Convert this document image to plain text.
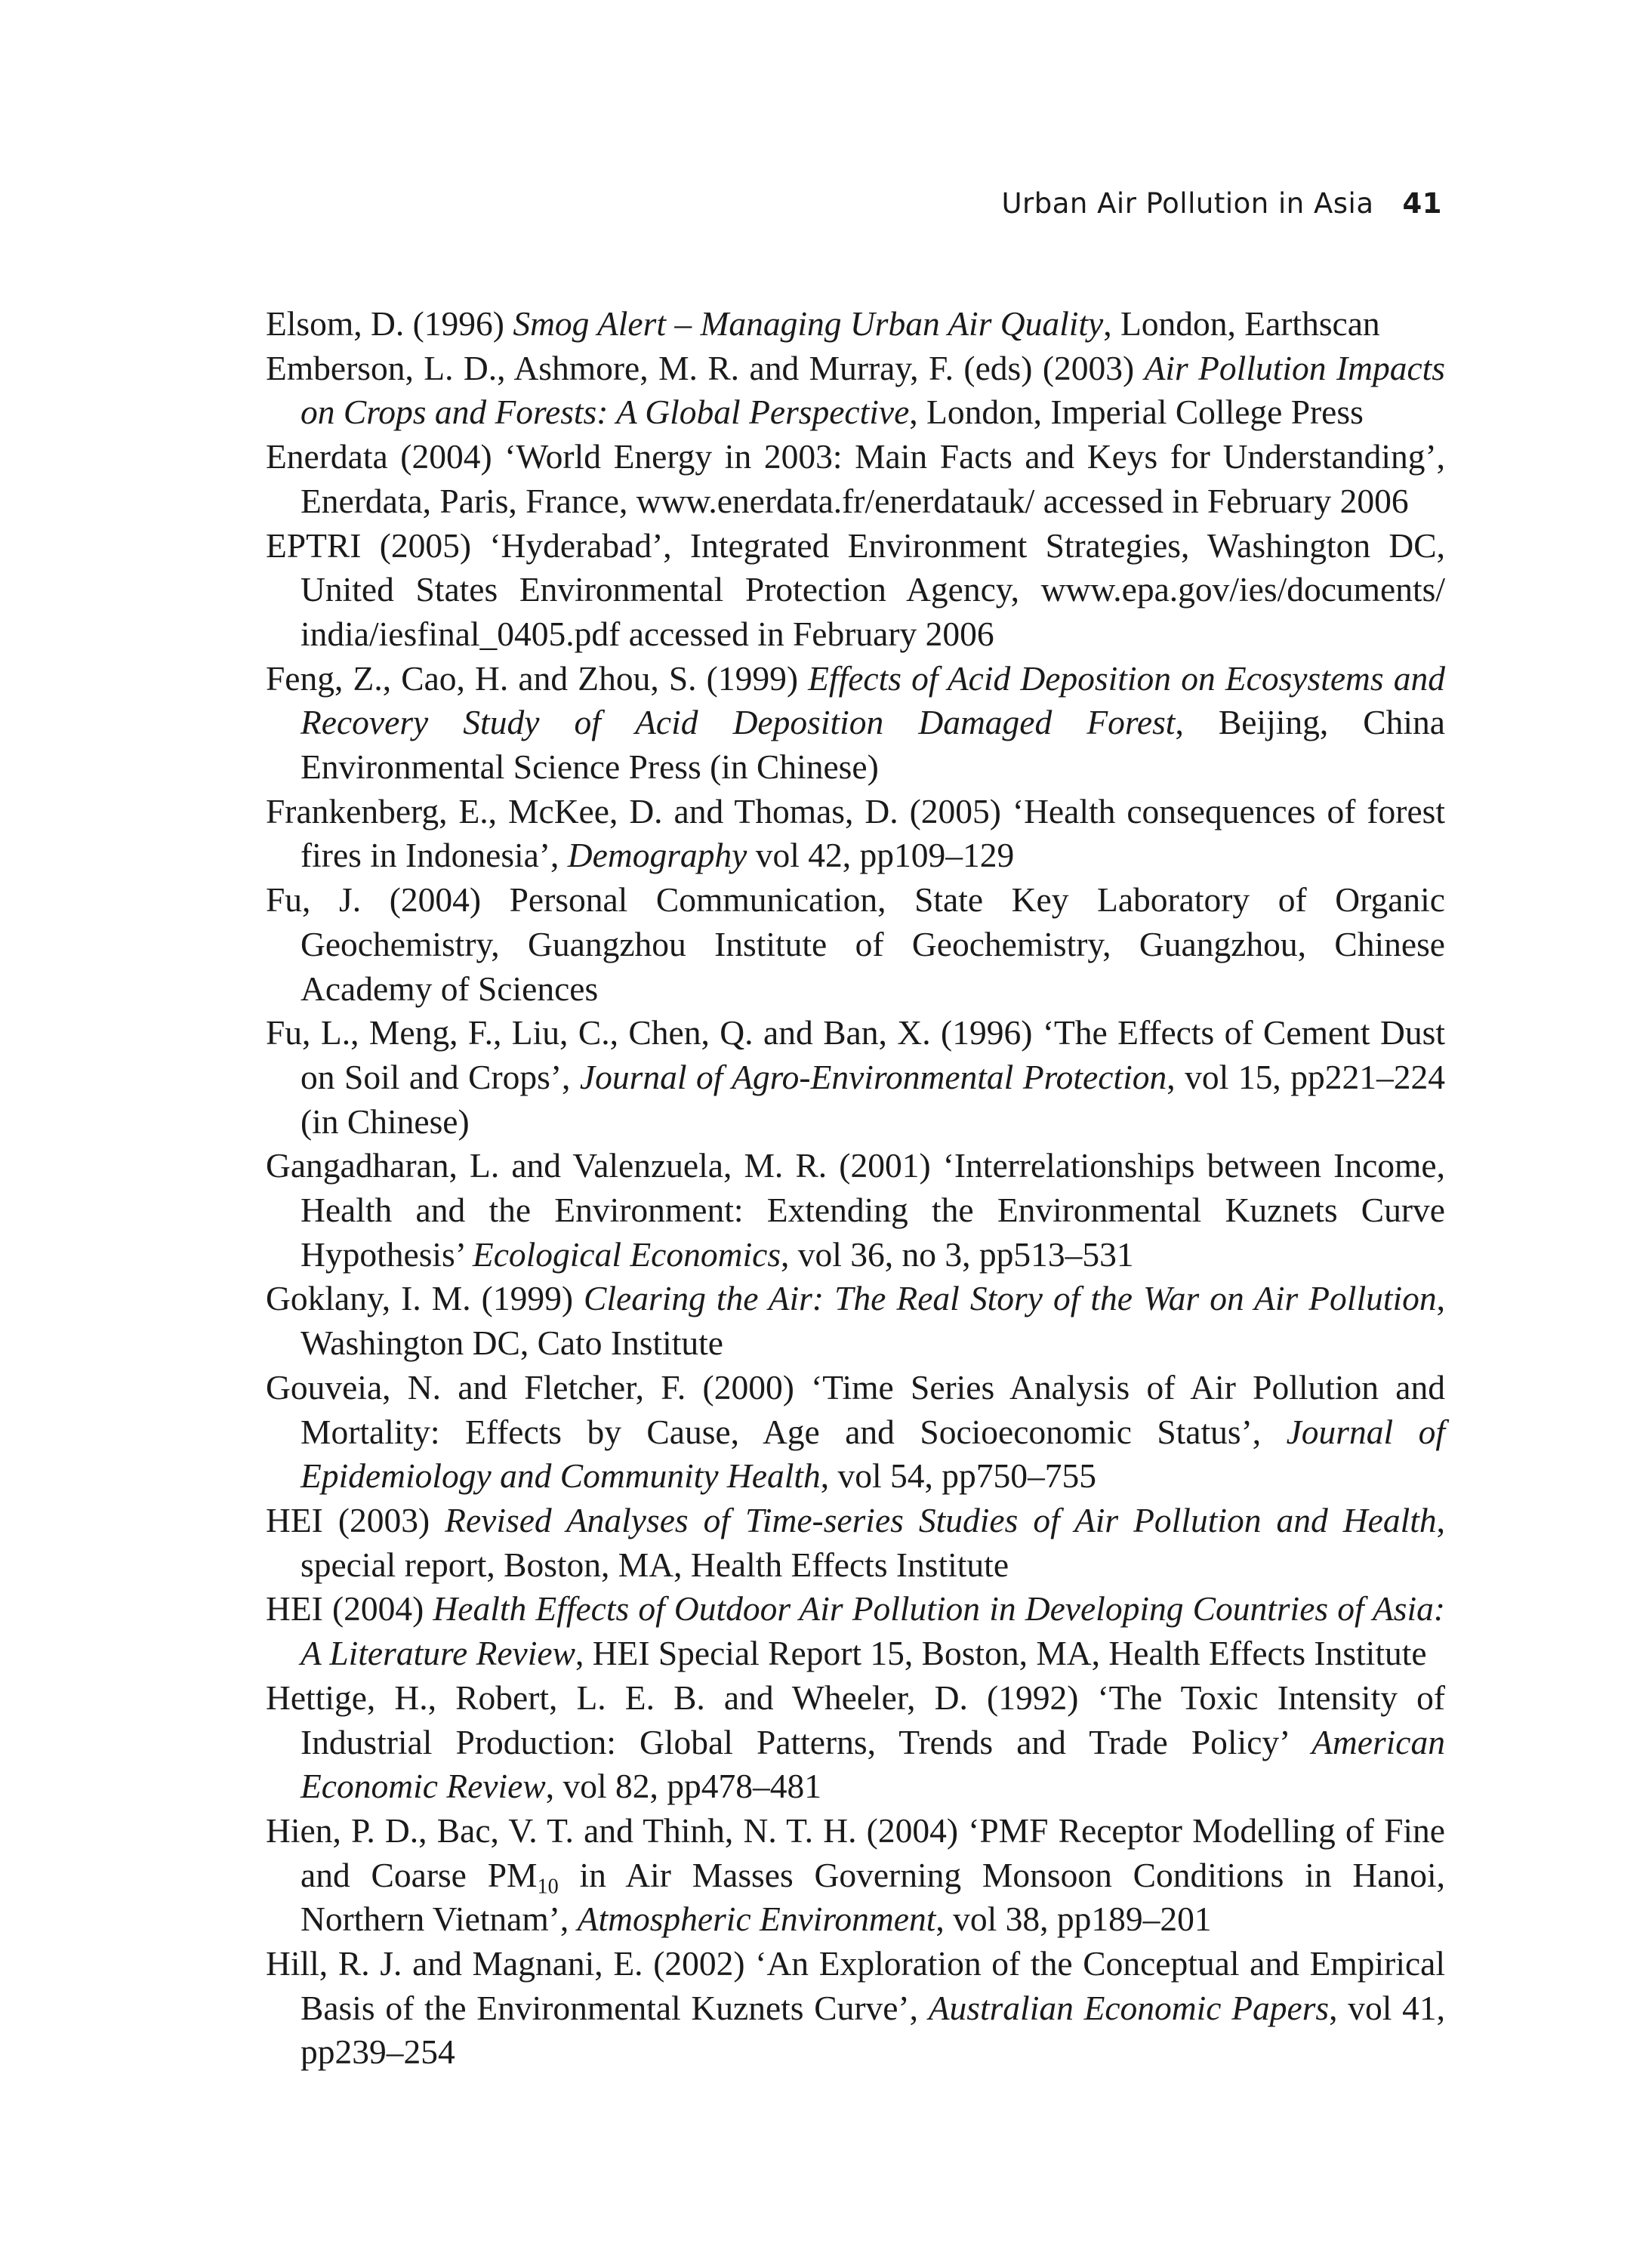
Urban Air Pollution in Asia 41
Elsom, D. (1996) Smog Alert – Managing Urban Air Quality, London, Earthscan
Emberson, L. D., Ashmore, M. R. and Murray, F. (eds) (2003) Air Pollution Impacts on Crops and Forests: A Global Perspective, London, Imperial College Press
Enerdata (2004) ‘World Energy in 2003: Main Facts and Keys for Understanding’, Enerdata, Paris, France, www.enerdata.fr/enerdatauk/ accessed in February 2006
EPTRI (2005) ‘Hyderabad’, Integrated Environment Strategies, Washington DC, United States Environmental Protection Agency, www.epa.gov/ies/documents/ india/iesfinal_0405.pdf accessed in February 2006
Feng, Z., Cao, H. and Zhou, S. (1999) Effects of Acid Deposition on Ecosystems and Recovery Study of Acid Deposition Damaged Forest, Beijing, China Environmental Science Press (in Chinese)
Frankenberg, E., McKee, D. and Thomas, D. (2005) ‘Health consequences of forest fires in Indonesia’, Demography vol 42, pp109–129
Fu, J. (2004) Personal Communication, State Key Laboratory of Organic Geochemistry, Guangzhou Institute of Geochemistry, Guangzhou, Chinese Academy of Sciences
Fu, L., Meng, F., Liu, C., Chen, Q. and Ban, X. (1996) ‘The Effects of Cement Dust on Soil and Crops’, Journal of Agro-Environmental Protection, vol 15, pp221–224 (in Chinese)
Gangadharan, L. and Valenzuela, M. R. (2001) ‘Interrelationships between Income, Health and the Environment: Extending the Environmental Kuznets Curve Hypothesis’ Ecological Economics, vol 36, no 3, pp513–531
Goklany, I. M. (1999) Clearing the Air: The Real Story of the War on Air Pollution, Washington DC, Cato Institute
Gouveia, N. and Fletcher, F. (2000) ‘Time Series Analysis of Air Pollution and Mortality: Effects by Cause, Age and Socioeconomic Status’, Journal of Epidemiology and Community Health, vol 54, pp750–755
HEI (2003) Revised Analyses of Time-series Studies of Air Pollution and Health, special report, Boston, MA, Health Effects Institute
HEI (2004) Health Effects of Outdoor Air Pollution in Developing Countries of Asia: A Literature Review, HEI Special Report 15, Boston, MA, Health Effects Institute
Hettige, H., Robert, L. E. B. and Wheeler, D. (1992) ‘The Toxic Intensity of Industrial Production: Global Patterns, Trends and Trade Policy’ American Economic Review, vol 82, pp478–481
Hien, P. D., Bac, V. T. and Thinh, N. T. H. (2004) ‘PMF Receptor Modelling of Fine and Coarse $PM_{10}$ in Air Masses Governing Monsoon Conditions in Hanoi, Northern Vietnam’, Atmospheric Environment, vol 38, pp189–201
Hill, R. J. and Magnani, E. (2002) ‘An Exploration of the Conceptual and Empirical Basis of the Environmental Kuznets Curve’, Australian Economic Papers, vol 41, pp239–254
